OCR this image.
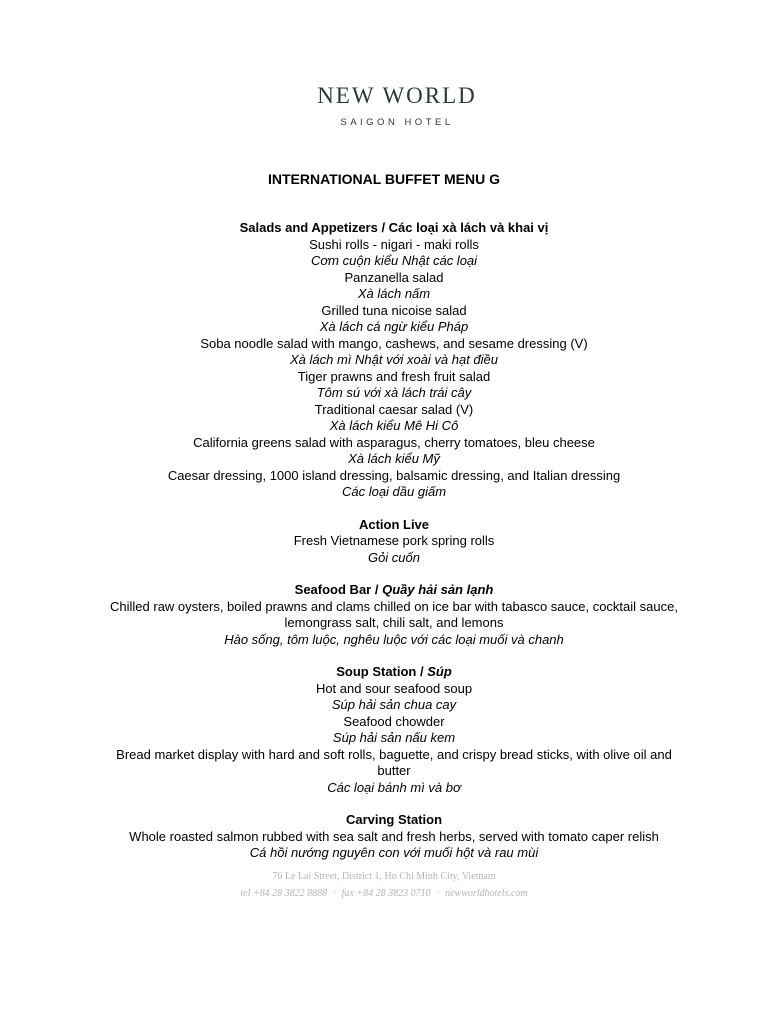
NEW WORLD
SAIGON HOTEL
INTERNATIONAL BUFFET MENU G
Salads and Appetizers / Các loại xà lách và khai vị
Sushi rolls - nigari - maki rolls
Cơm cuộn kiểu Nhật các loại
Panzanella salad
Xà lách nấm
Grilled tuna nicoise salad
Xà lách cá ngừ kiểu Pháp
Soba noodle salad with mango, cashews, and sesame dressing (V)
Xà lách mì Nhật với xoài và hạt điều
Tiger prawns and fresh fruit salad
Tôm sú với xà lách trái cây
Traditional caesar salad (V)
Xà lách kiểu Mê Hi Cô
California greens salad with asparagus, cherry tomatoes, bleu cheese
Xà lách kiểu Mỹ
Caesar dressing, 1000 island dressing, balsamic dressing, and Italian dressing
Các loại dầu giấm
Action Live
Fresh Vietnamese pork spring rolls
Gỏi cuốn
Seafood Bar / Quầy hải sản lạnh
Chilled raw oysters, boiled prawns and clams chilled on ice bar with tabasco sauce, cocktail sauce, lemongrass salt, chili salt, and lemons
Hào sống, tôm luộc, nghêu luộc với các loại muối và chanh
Soup Station / Súp
Hot and sour seafood soup
Súp hải sản chua cay
Seafood chowder
Súp hải sản nấu kem
Bread market display with hard and soft rolls, baguette, and crispy bread sticks, with olive oil and butter
Các loại bánh mì và bơ
Carving Station
Whole roasted salmon rubbed with sea salt and fresh herbs, served with tomato caper relish
Cá hồi nướng nguyên con với muối hột và rau mùi
76 Le Lai Street, District 1, Ho Chi Minh City, Vietnam
tel +84 28 3822 8888 · fax +84 28 3823 0710 · newworldhotels.com
